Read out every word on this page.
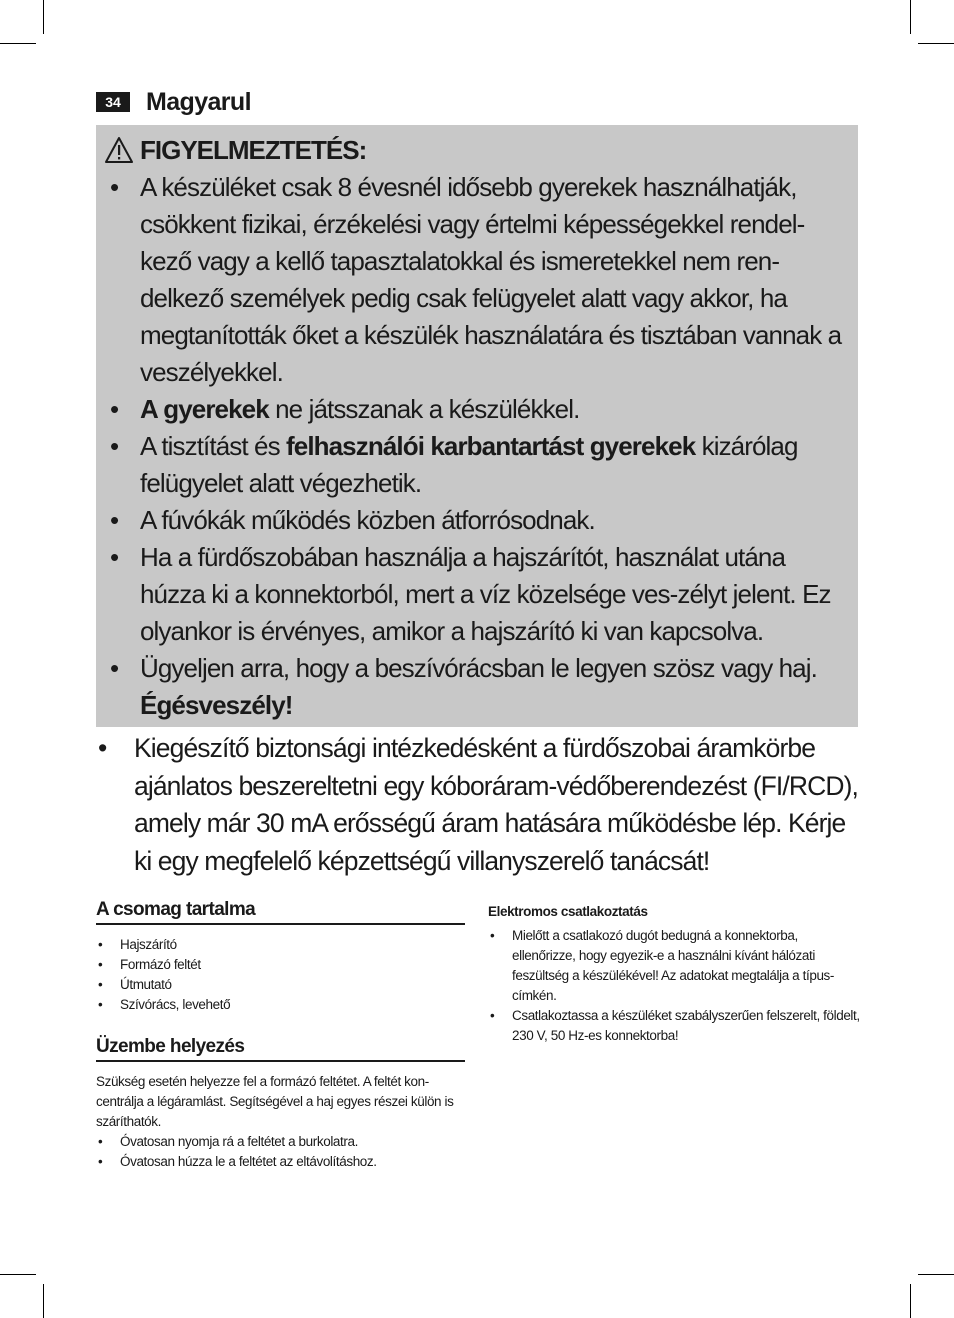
34	Magyarul
FIGYELMEZTETÉS:
• A készüléket csak 8 évesnél idősebb gyerekek használhatják, csökkent fizikai, érzékelési vagy értelmi képességekkel rendel-kező vagy a kellő tapasztalatokkal és ismeretekkel nem ren-delkező személyek pedig csak felügyelet alatt vagy akkor, ha megtanították őket a készülék használatára és tisztában vannak a veszélyekkel.
• A gyerekek ne játsszanak a készülékkel.
• A tisztítást és felhasználói karbantartást gyerekek kizárólag felügyelet alatt végezhetik.
• A fúvókák működés közben átforrósodnak.
• Ha a fürdőszobában használja a hajszárítót, használat utána húzza ki a konnektorból, mert a víz közelsége ves-zélyt jelent. Ez olyankor is érvényes, amikor a hajszárító ki van kapcsolva.
• Ügyeljen arra, hogy a beszívórácsban le legyen szösz vagy haj. Égésveszély!
• Kiegészítő biztonsági intézkedésként a fürdőszobai áramkörbe ajánlatos beszereltetni egy kóboráram-védőberendezést (FI/RCD), amely már 30 mA erősségű áram hatására működésbe lép. Kérje ki egy megfelelő képzettségű villanyszerelő tanácsát!
A csomag tartalma
• Hajszárító
• Formázó feltét
• Útmutató
• Szívórács, levehető
Üzembe helyezés

Szükség esetén helyezze fel a formázó feltétet. A feltét kon-centrálja a légáramlást. Segítségével a haj egyes részei külön is száríthatók.

• Óvatosan nyomja rá a feltétet a burkolatra.
• Óvatosan húzza le a feltétet az eltávolításhoz.
Elektromos csatlakoztatás
• Mielőtt a csatlakozó dugót bedugná a konnektorba, ellenőrizze, hogy egyezik-e a használni kívánt hálózati feszültség a készülékével! Az adatokat megtalálja a típus-címkén.
• Csatlakoztassa a készüléket szabályszerűen felszerelt, földelt, 230 V, 50 Hz-es konnektorba!
